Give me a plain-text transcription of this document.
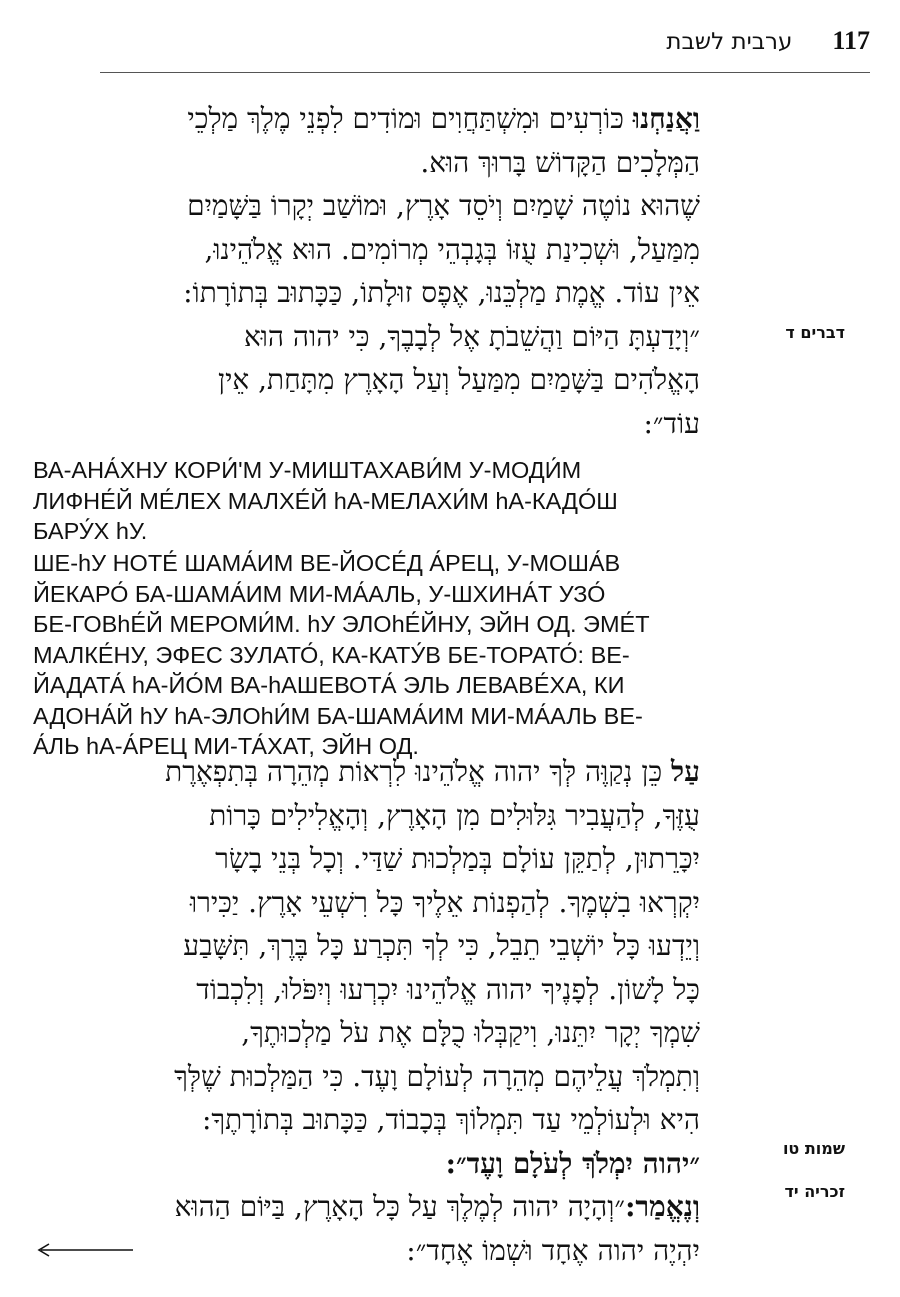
ערבית לשבת 117

וַאֲנַחְנוּ כּוֹרְעִים וּמִשְׁתַּחֲוִים וּמוֹדִים לִפְנֵי מֶלֶךְ מַלְכֵי
הַמְּלָכִים הַקָּדוֹשׁ בָּרוּךְ הוּא.
שֶׁהוּא נוֹטֶה שָׁמַיִם וְיֹסֵד אָרֶץ, וּמוֹשַׁב יְקָרוֹ בַּשָּׁמַיִם
מִמַּעַל, וּשְׁכִינַת עֻזּוֹ בְּגָבְהֵי מְרוֹמִים. הוּא אֱלֹהֵינוּ,
אֵין עוֹד. אֱמֶת מַלְכֵּנוּ, אֶפֶס זוּלָתוֹ, כַּכָּתוּב בְּתוֹרָתוֹ:
״וְיָדַעְתָּ הַיּוֹם וַהֲשֵׁבֹתָ אֶל לְבָבֶךָ, כִּי יהוה הוּא
הָאֱלֹהִים בַּשָּׁמַיִם מִמַּעַל וְעַל הָאָרֶץ מִתָּחַת, אֵין
עוֹד״:

דברים ד

ВА-АНА́ХНУ КОРИ́'М У-МИШТАХАВИ́М У-МОДИ́М
ЛИФНЕ́Й МЕ́ЛЕХ МАЛХЕ́Й hА-МЕЛАХИ́М hА-КАДО́Ш
БАРУ́Х hУ.

ШЕ-hУ НОТЕ́ ШАМА́ИМ ВЕ-ЙОСЕ́Д А́РЕЦ, У-МОША́В
ЙЕКАРО́ БА-ШАМА́ИМ МИ-МА́АЛЬ, У-ШХИНА́Т УЗО́
БЕ-ГОВhЕ́Й МЕРОМИ́М. hУ ЭЛОhЕ́ЙНУ, ЭЙН ОД. ЭМЕ́Т
МАЛКЕ́НУ, ЭФЕС ЗУЛАТО́, КА-КАТУ́В БЕ-ТОРАТО́: ВЕ-
ЙАДАТА́ hА-ЙО́М ВА-hАШЕВОТА́ ЭЛЬ ЛЕВАВЕ́ХА, КИ
АДОНА́Й hУ hА-ЭЛОhИ́М БА-ШАМА́ИМ МИ-МА́АЛЬ ВЕ-
А́ЛЬ hА-А́РЕЦ МИ-ТА́ХАТ, ЭЙН ОД.

עַל כֵּן נְקַוֶּה לְּךָ יהוה אֱלֹהֵינוּ לִרְאוֹת מְהֵרָה בְּתִפְאֶרֶת
עֻזֶּךָ, לְהַעֲבִיר גִּלּוּלִים מִן הָאָרֶץ, וְהָאֱלִילִים כָּרוֹת
יִכָּרֵתוּן, לְתַקֵּן עוֹלָם בְּמַלְכוּת שַׁדַּי. וְכָל בְּנֵי בָשָׂר
יִקְרְאוּ בִשְׁמֶךָ. לְהַפְנוֹת אֵלֶיךָ כָּל רִשְׁעֵי אָרֶץ. יַכִּירוּ
וְיֵדְעוּ כָּל יוֹשְׁבֵי תֵבֵל, כִּי לְךָ תִּכְרַע כָּל בֶּרֶךְ, תִּשָּׁבַע
כָּל לָשׁוֹן. לְפָנֶיךָ יהוה אֱלֹהֵינוּ יִכְרְעוּ וְיִפֹּלוּ, וְלִכְבוֹד
שִׁמְךָ יְקָר יִתֵּנוּ, וִיקַבְּלוּ כֻלָּם אֶת עֹל מַלְכוּתֶךָ,
וְתִמְלֹךְ עֲלֵיהֶם מְהֵרָה לְעוֹלָם וָעֶד. כִּי הַמַּלְכוּת שֶׁלְּךָ
הִיא וּלְעוֹלְמֵי עַד תִּמְלוֹךְ בְּכָבוֹד, כַּכָּתוּב בְּתוֹרָתֶךָ:
״יהוה יִמְלֹךְ לְעֹלָם וָעֶד״:
וְנֶאֱמַר:״וְהָיָה יהוה לְמֶלֶךְ עַל כָּל הָאָרֶץ, בַּיּוֹם הַהוּא
יִהְיֶה יהוה אֶחָד וּשְׁמוֹ אֶחָד״:

שמות טו
זכריה יד
